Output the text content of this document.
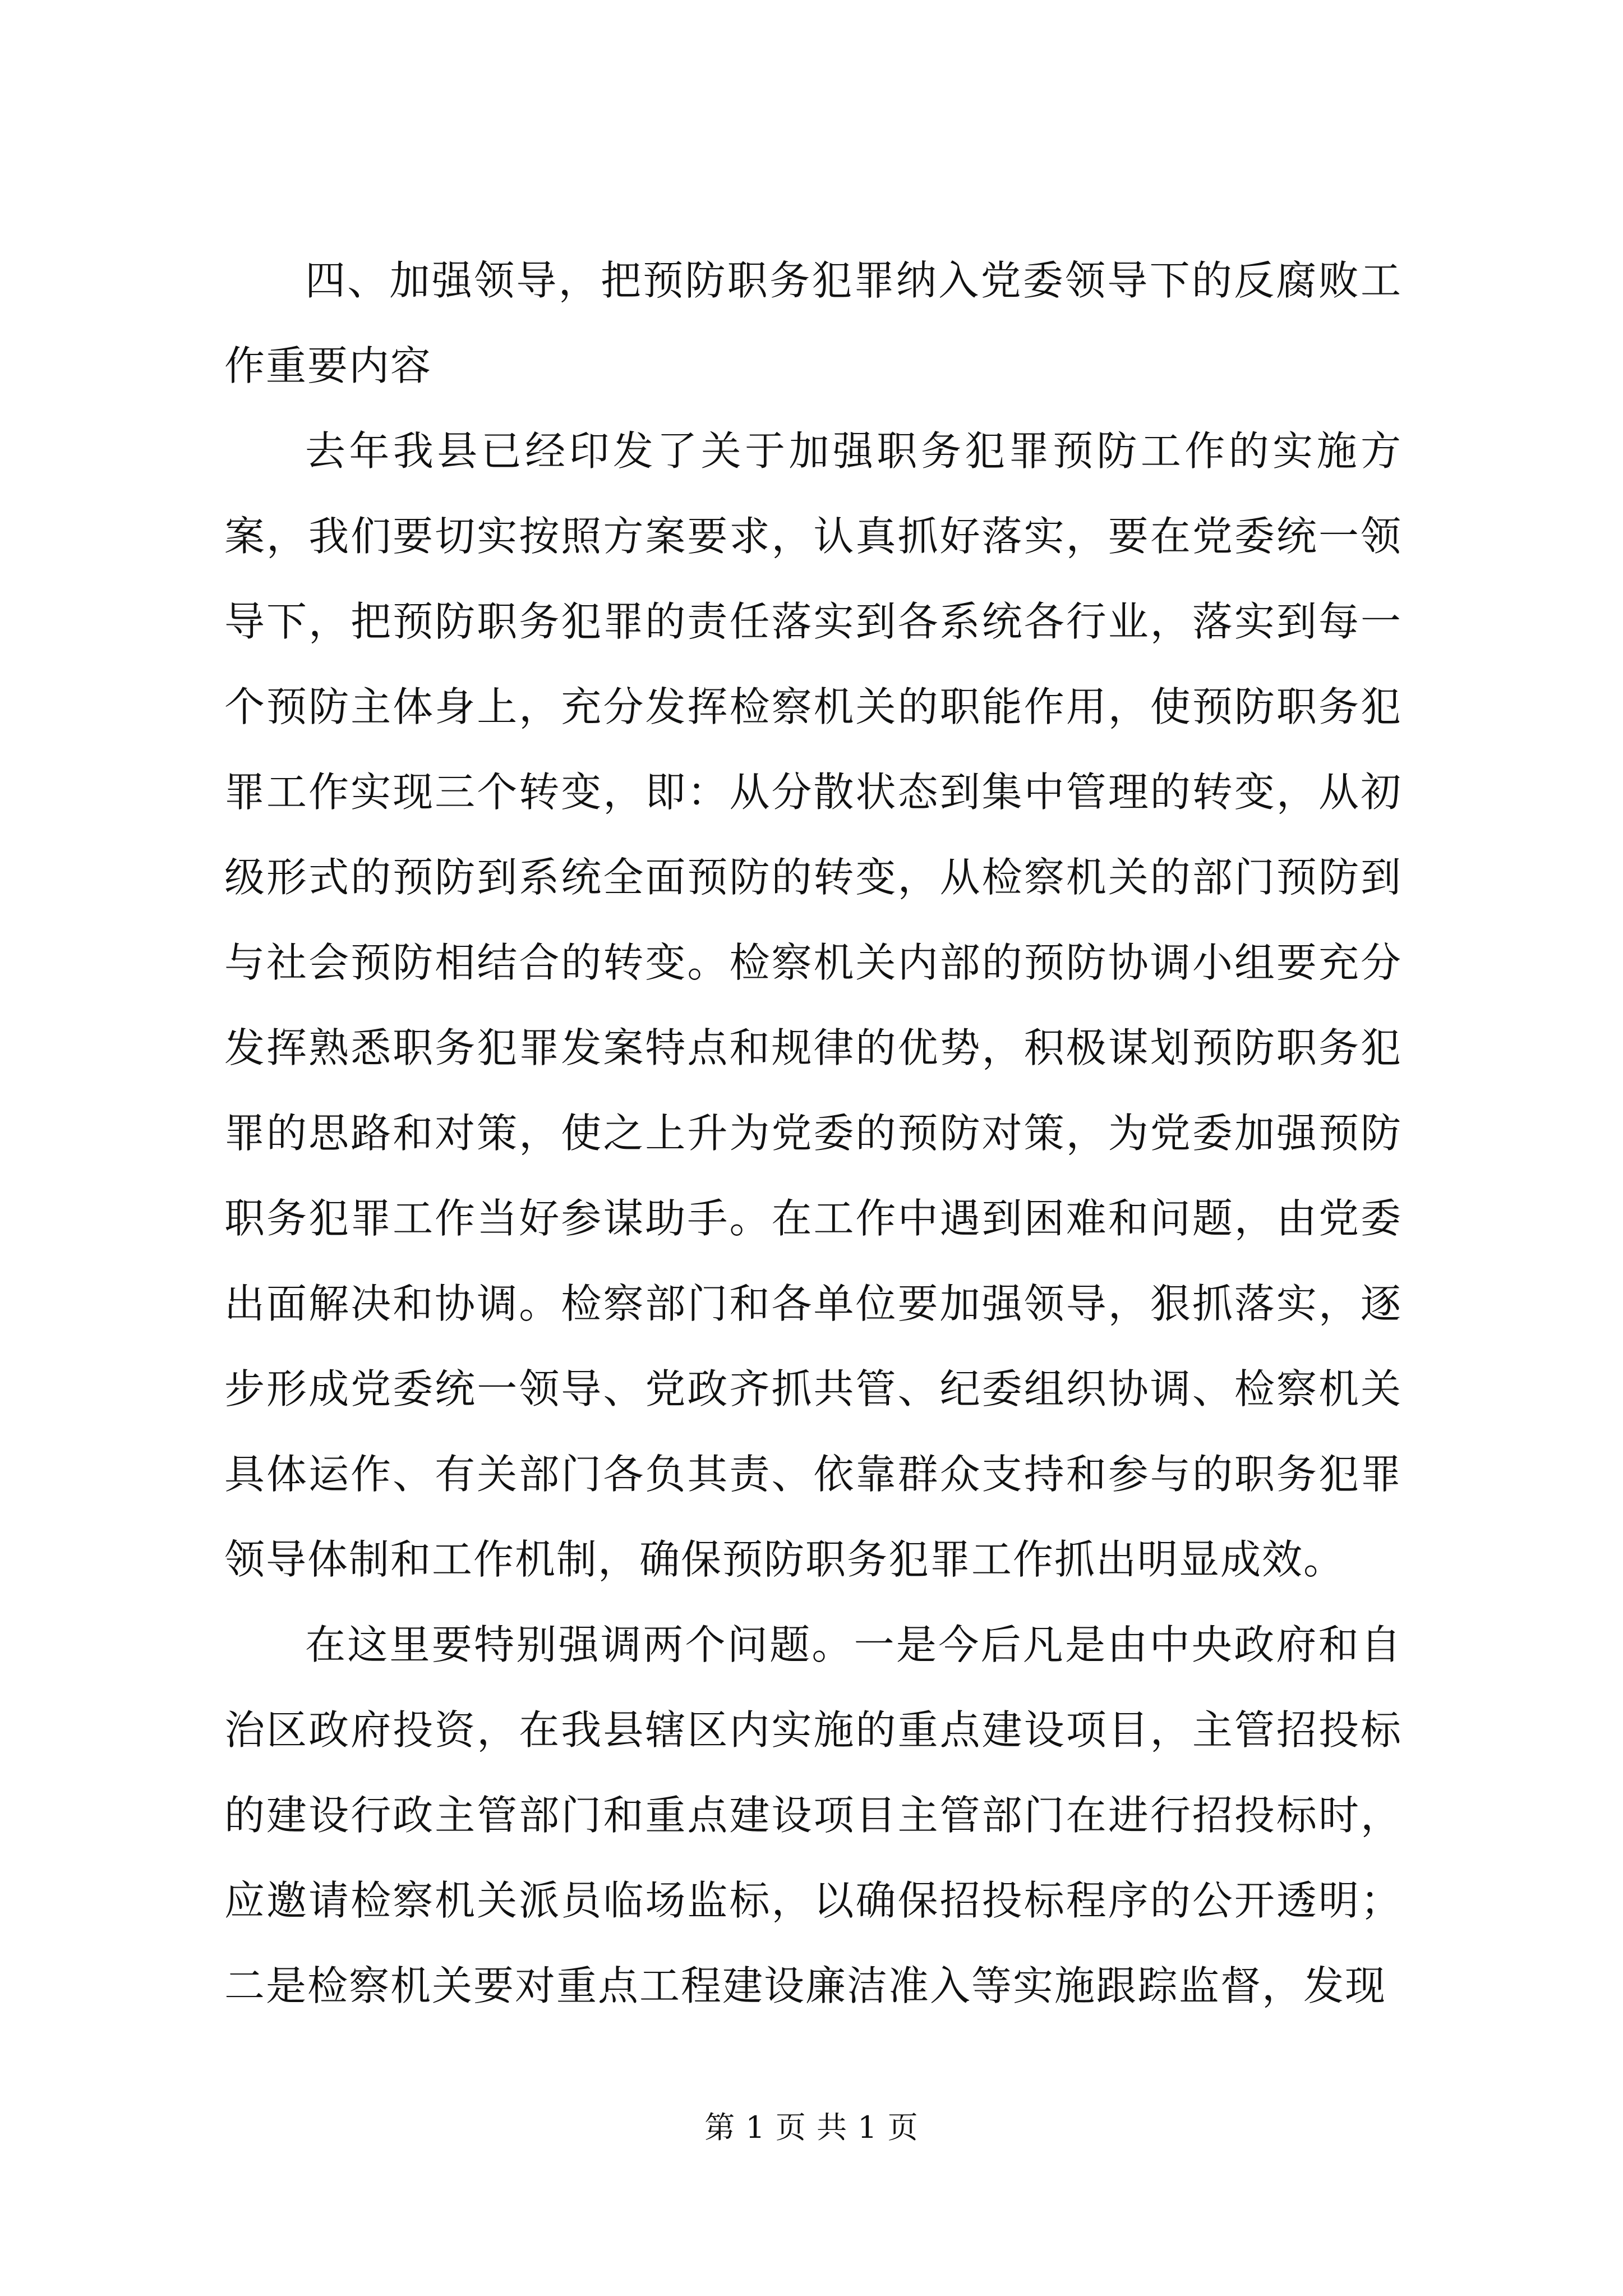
四、加强领导，把预防职务犯罪纳入党委领导下的反腐败工作重要内容

去年我县已经印发了关于加强职务犯罪预防工作的实施方案，我们要切实按照方案要求，认真抓好落实，要在党委统一领导下，把预防职务犯罪的责任落实到各系统各行业，落实到每一个预防主体身上，充分发挥检察机关的职能作用，使预防职务犯罪工作实现三个转变，即：从分散状态到集中管理的转变，从初级形式的预防到系统全面预防的转变，从检察机关的部门预防到与社会预防相结合的转变。检察机关内部的预防协调小组要充分发挥熟悉职务犯罪发案特点和规律的优势，积极谋划预防职务犯罪的思路和对策，使之上升为党委的预防对策，为党委加强预防职务犯罪工作当好参谋助手。在工作中遇到困难和问题，由党委出面解决和协调。检察部门和各单位要加强领导，狠抓落实，逐步形成党委统一领导、党政齐抓共管、纪委组织协调、检察机关具体运作、有关部门各负其责、依靠群众支持和参与的职务犯罪领导体制和工作机制，确保预防职务犯罪工作抓出明显成效。

在这里要特别强调两个问题。一是今后凡是由中央政府和自治区政府投资，在我县辖区内实施的重点建设项目，主管招投标的建设行政主管部门和重点建设项目主管部门在进行招投标时，应邀请检察机关派员临场监标，以确保招投标程序的公开透明；二是检察机关要对重点工程建设廉洁准入等实施跟踪监督，发现

第 1 页 共 1 页
